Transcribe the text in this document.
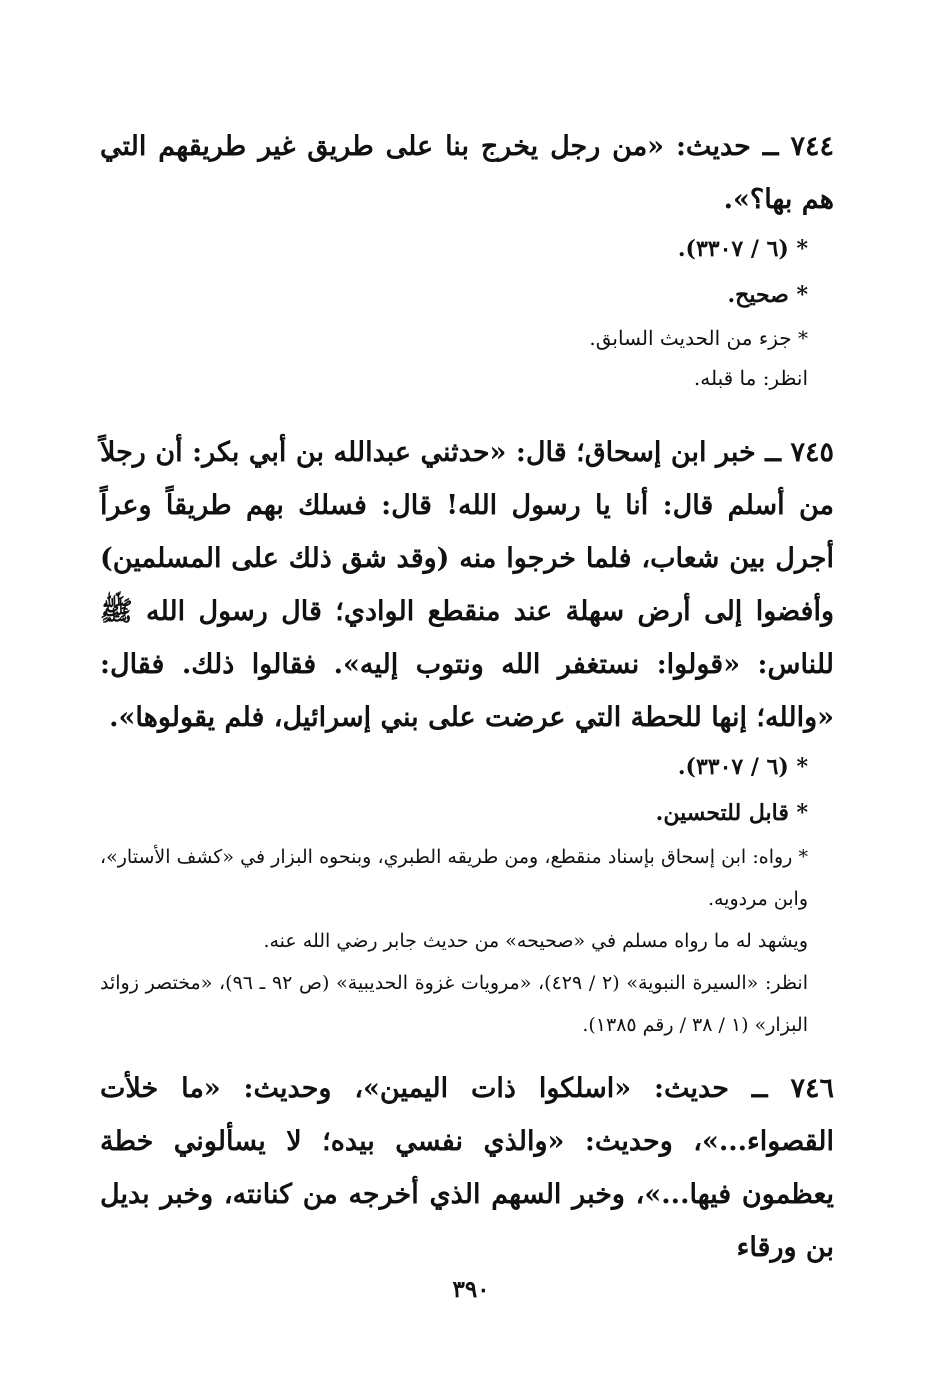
٧٤٤ ــ حديث: «من رجل يخرج بنا على طريق غير طريقهم التي هم بها؟».

* (٦ / ٣٣٠٧).

* صحيح.

* جزء من الحديث السابق.

انظر: ما قبله.

٧٤٥ ــ خبر ابن إسحاق؛ قال: «حدثني عبدالله بن أبي بكر: أن رجلاً من أسلم قال: أنا يا رسول الله! قال: فسلك بهم طريقاً وعراً أجرل بين شعاب، فلما خرجوا منه (وقد شق ذلك على المسلمين) وأفضوا إلى أرض سهلة عند منقطع الوادي؛ قال رسول الله ﷺ للناس: «قولوا: نستغفر الله ونتوب إليه». فقالوا ذلك. فقال: «والله؛ إنها للحطة التي عرضت على بني إسرائيل، فلم يقولوها».

* (٦ / ٣٣٠٧).

* قابل للتحسين.

* رواه: ابن إسحاق بإسناد منقطع، ومن طريقه الطبري، وبنحوه البزار في «كشف الأستار»، وابن مردويه.

ويشهد له ما رواه مسلم في «صحيحه» من حديث جابر رضي الله عنه.

انظر: «السيرة النبوية» (٢ / ٤٢٩)، «مرويات غزوة الحديبية» (ص ٩٢ ـ ٩٦)، «مختصر زوائد البزار» (١ / ٣٨ / رقم ١٣٨٥).

٧٤٦ ــ حديث: «اسلكوا ذات اليمين»، وحديث: «ما خلأت القصواء...»، وحديث: «والذي نفسي بيده؛ لا يسألوني خطة يعظمون فيها...»، وخبر السهم الذي أخرجه من كنانته، وخبر بديل بن ورقاء

٣٩٠
